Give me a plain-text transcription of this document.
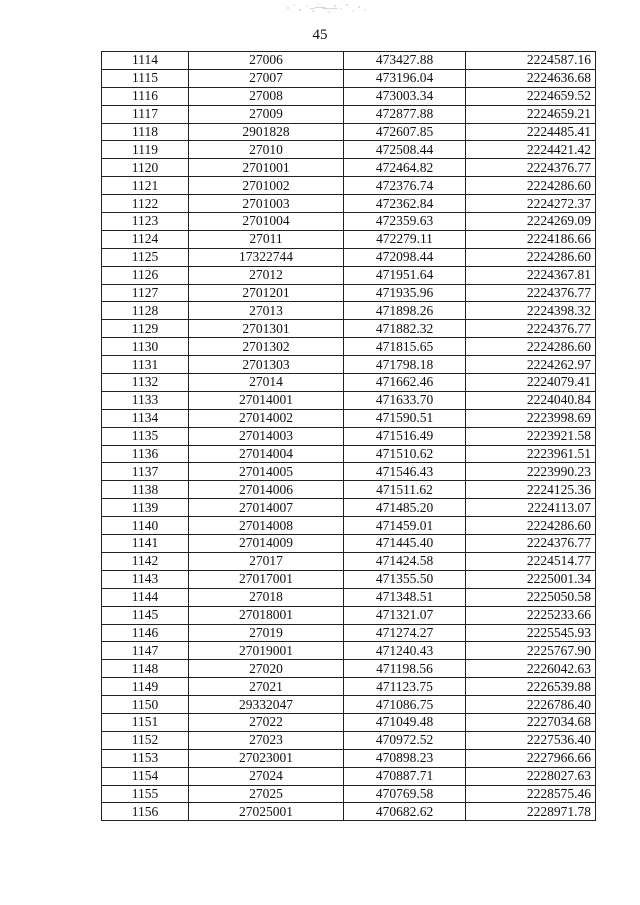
45
1114	27006	473427.88	2224587.16
1115	27007	473196.04	2224636.68
1116	27008	473003.34	2224659.52
1117	27009	472877.88	2224659.21
1118	2901828	472607.85	2224485.41
1119	27010	472508.44	2224421.42
1120	2701001	472464.82	2224376.77
1121	2701002	472376.74	2224286.60
1122	2701003	472362.84	2224272.37
1123	2701004	472359.63	2224269.09
1124	27011	472279.11	2224186.66
1125	17322744	472098.44	2224286.60
1126	27012	471951.64	2224367.81
1127	2701201	471935.96	2224376.77
1128	27013	471898.26	2224398.32
1129	2701301	471882.32	2224376.77
1130	2701302	471815.65	2224286.60
1131	2701303	471798.18	2224262.97
1132	27014	471662.46	2224079.41
1133	27014001	471633.70	2224040.84
1134	27014002	471590.51	2223998.69
1135	27014003	471516.49	2223921.58
1136	27014004	471510.62	2223961.51
1137	27014005	471546.43	2223990.23
1138	27014006	471511.62	2224125.36
1139	27014007	471485.20	2224113.07
1140	27014008	471459.01	2224286.60
1141	27014009	471445.40	2224376.77
1142	27017	471424.58	2224514.77
1143	27017001	471355.50	2225001.34
1144	27018	471348.51	2225050.58
1145	27018001	471321.07	2225233.66
1146	27019	471274.27	2225545.93
1147	27019001	471240.43	2225767.90
1148	27020	471198.56	2226042.63
1149	27021	471123.75	2226539.88
1150	29332047	471086.75	2226786.40
1151	27022	471049.48	2227034.68
1152	27023	470972.52	2227536.40
1153	27023001	470898.23	2227966.66
1154	27024	470887.71	2228027.63
1155	27025	470769.58	2228575.46
1156	27025001	470682.62	2228971.78
